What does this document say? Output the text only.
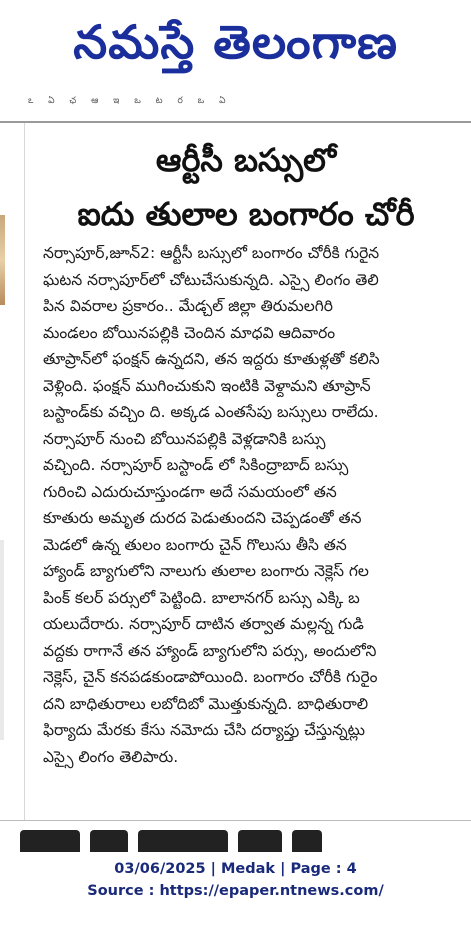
నమస్తే తెలంగాణ
ఽ ఏ ఛ ఆ ఇ ఒ ట ర ఒ ఏ
ఆర్టీసీ బస్సులో
ఐదు తులాల బంగారం చోరీ
నర్సాపూర్,జూన్2: ఆర్టీసీ బస్సులో బంగారం చోరీకి గురైన
ఘటన నర్సాపూర్‌లో చోటుచేసుకున్నది. ఎస్సై లింగం తెలి
పిన వివరాల ప్రకారం.. మేడ్చల్ జిల్లా తిరుమలగిరి
మండలం బోయినపల్లికి చెందిన మాధవి ఆదివారం
తూప్రాన్‌లో ఫంక్షన్ ఉన్నదని, తన ఇద్దరు కూతుళ్లతో కలిసి
వెళ్లింది. ఫంక్షన్ ముగించుకుని ఇంటికి వెళ్దామని తూప్రాన్
బస్టాండ్‌కు వచ్చిం ది. అక్కడ ఎంతసేపు బస్సులు రాలేదు.
నర్సాపూర్ నుంచి బోయినపల్లికి వెళ్లడానికి బస్సు
వచ్చింది. నర్సాపూర్ బస్టాండ్ లో సికింద్రాబాద్ బస్సు
గురించి ఎదురుచూస్తుండగా అదే సమయంలో తన
కూతురు అమృత దురద పెడుతుందని చెప్పడంతో తన
మెడలో ఉన్న తులం బంగారు చైన్ గొలుసు తీసి తన
హ్యాండ్ బ్యాగులోని నాలుగు తులాల బంగారు నెక్లెస్ గల
పింక్ కలర్ పర్సులో పెట్టింది. బాలానగర్ బస్సు ఎక్కి బ
యలుదేరారు. నర్సాపూర్ దాటిన తర్వాత మల్లన్న గుడి
వద్దకు రాగానే తన హ్యాండ్ బ్యాగులోని పర్సు, అందులోని
నెక్లెస్, చైన్ కనపడకుండాపోయింది. బంగారం చోరీకి గురైం
దని బాధితురాలు లబోదిబో మొత్తుకున్నది. బాధితురాలి
ఫిర్యాదు మేరకు కేసు నమోదు చేసి దర్యాప్తు చేస్తున్నట్లు
ఎస్సై లింగం తెలిపారు.
03/06/2025 | Medak | Page : 4
Source : https://epaper.ntnews.com/
